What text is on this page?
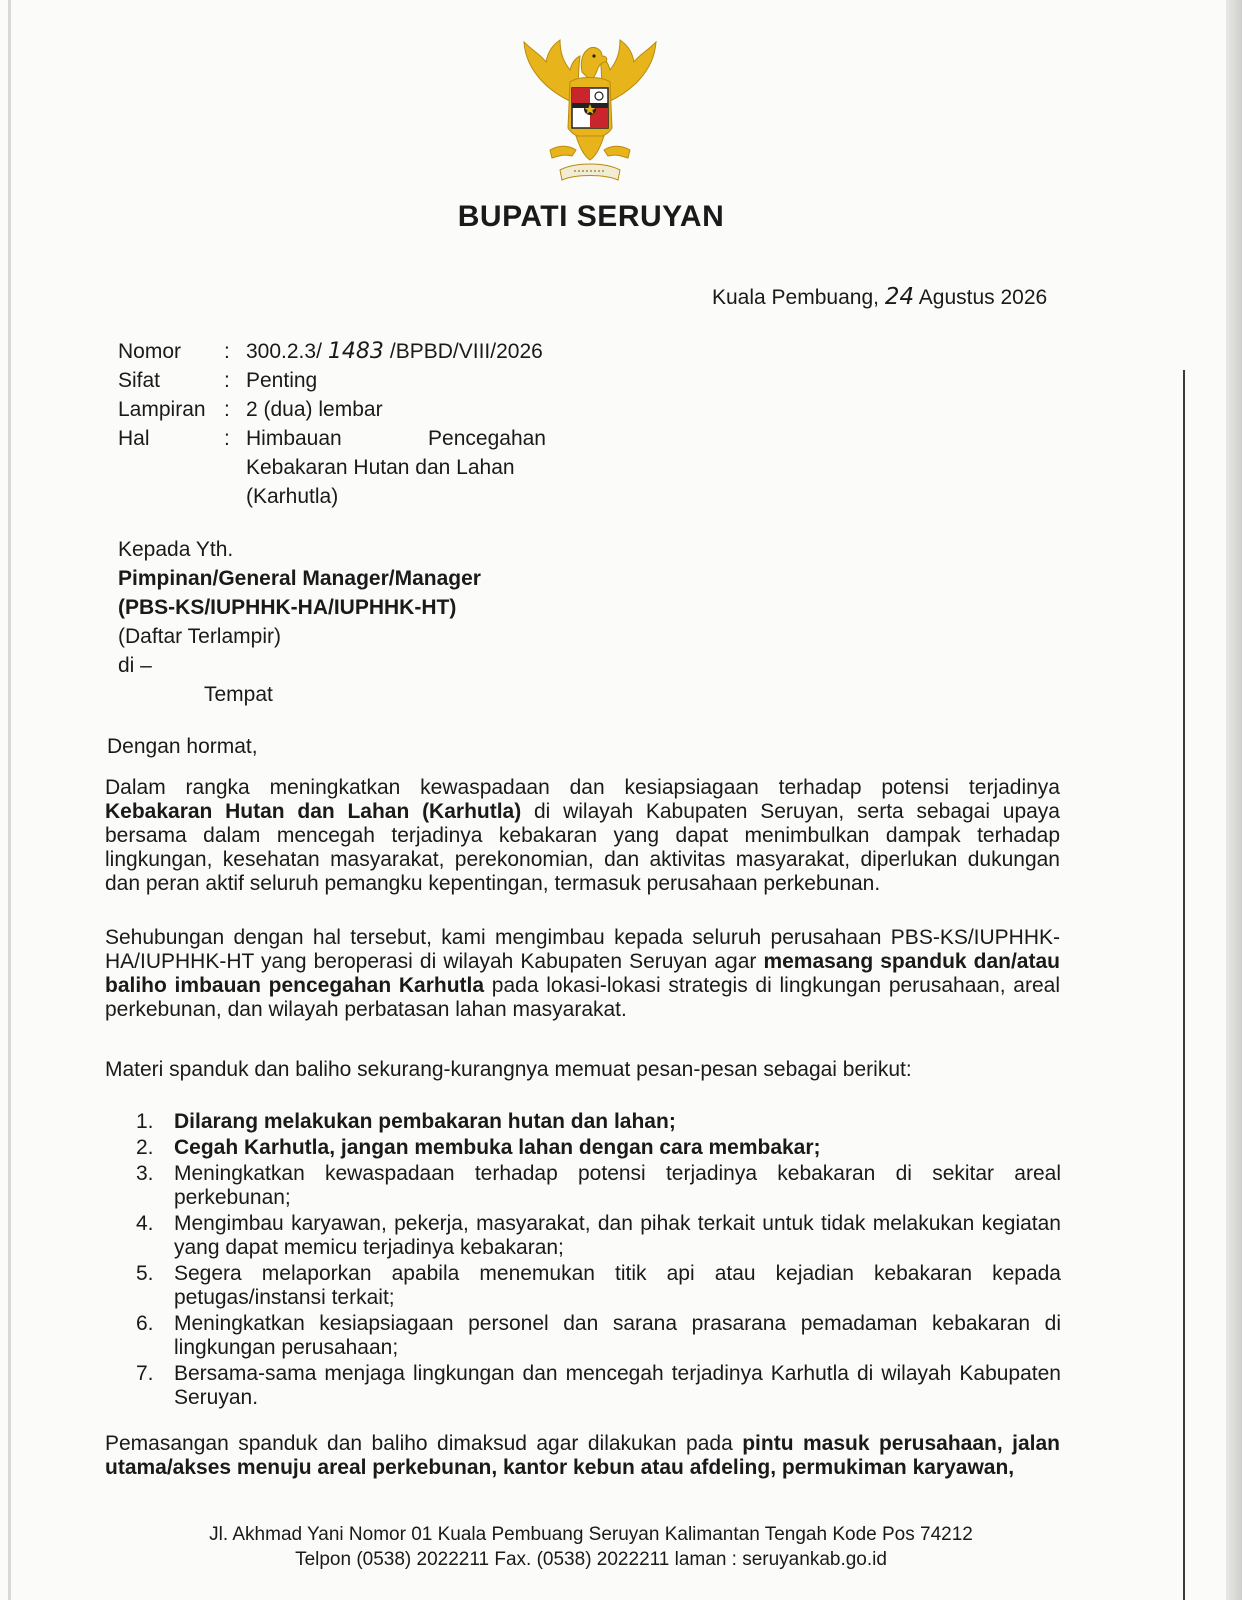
BUPATI SERUYAN
Kuala Pembuang, 24 Agustus 2026
Nomor	: 300.2.3/ 1483 /BPBD/VIII/2026
Sifat	: Penting
Lampiran : 2 (dua) lembar
Hal	: Himbauan	Pencegahan
Kebakaran Hutan dan Lahan
(Karhutla)
Kepada Yth.
Pimpinan/General Manager/Manager
(PBS-KS/IUPHHK-HA/IUPHHK-HT)
(Daftar Terlampir)
di –
Tempat
Dengan hormat,
Dalam rangka meningkatkan kewaspadaan dan kesiapsiagaan terhadap potensi terjadinya Kebakaran Hutan dan Lahan (Karhutla) di wilayah Kabupaten Seruyan, serta sebagai upaya bersama dalam mencegah terjadinya kebakaran yang dapat menimbulkan dampak terhadap lingkungan, kesehatan masyarakat, perekonomian, dan aktivitas masyarakat, diperlukan dukungan dan peran aktif seluruh pemangku kepentingan, termasuk perusahaan perkebunan.
Sehubungan dengan hal tersebut, kami mengimbau kepada seluruh perusahaan PBS-KS/IUPHHK-HA/IUPHHK-HT yang beroperasi di wilayah Kabupaten Seruyan agar memasang spanduk dan/atau baliho imbauan pencegahan Karhutla pada lokasi-lokasi strategis di lingkungan perusahaan, areal perkebunan, dan wilayah perbatasan lahan masyarakat.
Materi spanduk dan baliho sekurang-kurangnya memuat pesan-pesan sebagai berikut:
1. Dilarang melakukan pembakaran hutan dan lahan;
2. Cegah Karhutla, jangan membuka lahan dengan cara membakar;
3. Meningkatkan kewaspadaan terhadap potensi terjadinya kebakaran di sekitar areal perkebunan;
4. Mengimbau karyawan, pekerja, masyarakat, dan pihak terkait untuk tidak melakukan kegiatan yang dapat memicu terjadinya kebakaran;
5. Segera melaporkan apabila menemukan titik api atau kejadian kebakaran kepada petugas/instansi terkait;
6. Meningkatkan kesiapsiagaan personel dan sarana prasarana pemadaman kebakaran di lingkungan perusahaan;
7. Bersama-sama menjaga lingkungan dan mencegah terjadinya Karhutla di wilayah Kabupaten Seruyan.
Pemasangan spanduk dan baliho dimaksud agar dilakukan pada pintu masuk perusahaan, jalan utama/akses menuju areal perkebunan, kantor kebun atau afdeling, permukiman karyawan,
Jl. Akhmad Yani Nomor 01 Kuala Pembuang Seruyan Kalimantan Tengah Kode Pos 74212
Telpon (0538) 2022211 Fax. (0538) 2022211 laman : seruyankab.go.id
